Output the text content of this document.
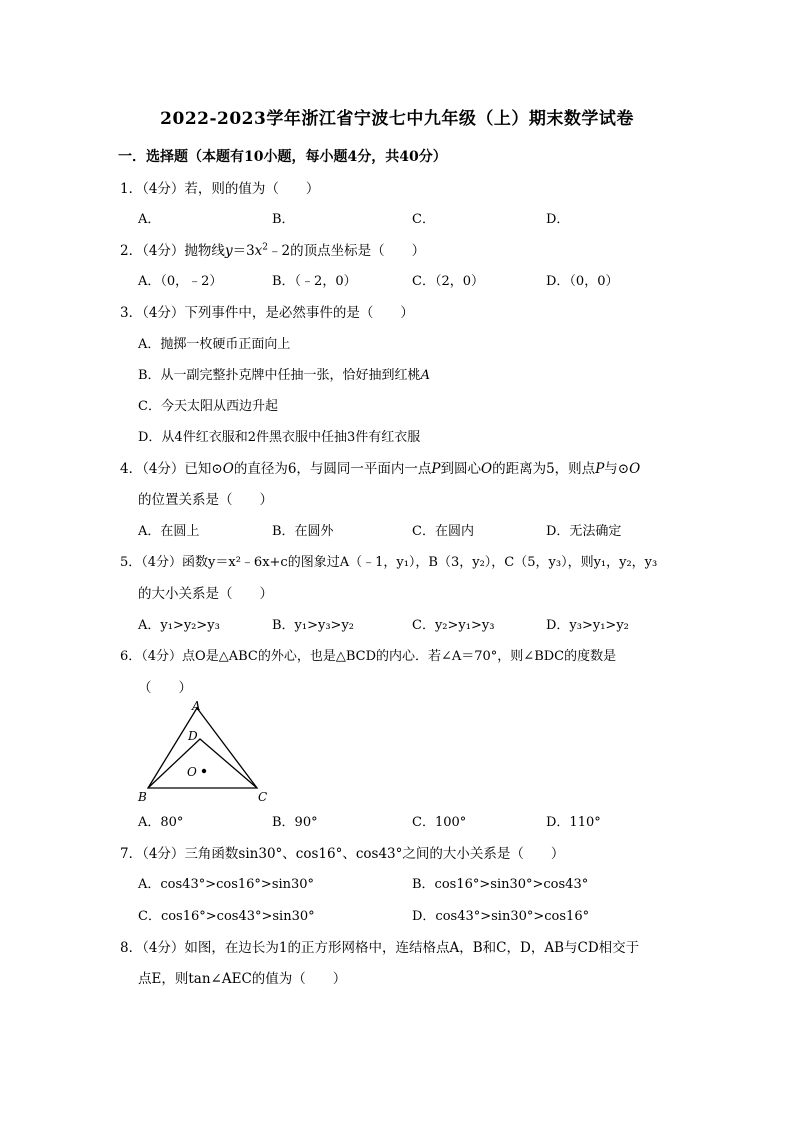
2022-2023学年浙江省宁波七中九年级（上）期末数学试卷
一．选择题（本题有10小题，每小题4分，共40分）
1．（4分）若，则的值为（　　）
A．	B．	C．	D．
2．（4分）抛物线$y=3x^2﹣2$的顶点坐标是（　　）
A．（0，﹣2）	B．（﹣2，0）	C．（2，0）	D．（0，0）
3．（4分）下列事件中，是必然事件的是（　　）
A．抛掷一枚硬币正面向上
B．从一副完整扑克牌中任抽一张，恰好抽到红桃A
C．今天太阳从西边升起
D．从4件红衣服和2件黑衣服中任抽3件有红衣服
4．（4分）已知⊙O的直径为6，与圆同一平面内一点P到圆心O的距离为5，则点P与⊙O
的位置关系是（　　）
A．在圆上	B．在圆外	C．在圆内	D．无法确定
5．（4分）函数y＝x²﹣6x+c的图象过A（﹣1，y₁），B（3，y₂），C（5，y₃），则y₁，y₂，y₃
的大小关系是（　　）
A．y₁>y₂>y₃	B．y₁>y₃>y₂	C．y₂>y₁>y₃	D．y₃>y₁>y₂
6．（4分）点O是△ABC的外心，也是△BCD的内心．若∠A＝70°，则∠BDC的度数是
（　　）
A
D
O
B	C
A．80°	B．90°	C．100°	D．110°
7．（4分）三角函数sin30°、cos16°、cos43°之间的大小关系是（　　）
A．cos43°>cos16°>sin30°	B．cos16°>sin30°>cos43°
C．cos16°>cos43°>sin30°	D．cos43°>sin30°>cos16°
8．（4分）如图，在边长为1的正方形网格中，连结格点A，B和C，D，AB与CD相交于
点E，则tan∠AEC的值为（　　）
